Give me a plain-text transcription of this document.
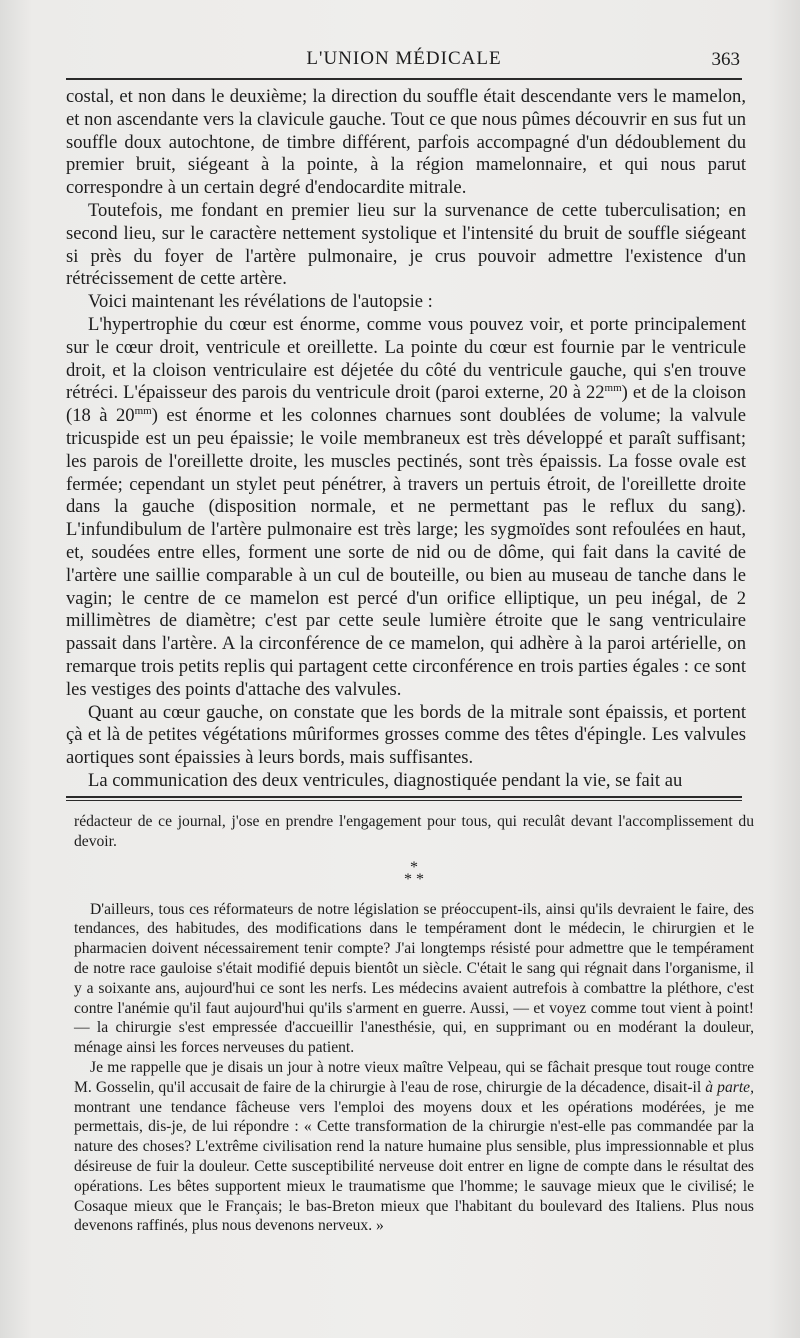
L'UNION MÉDICALE	363

costal, et non dans le deuxième; la direction du souffle était descendante vers le mamelon, et non ascendante vers la clavicule gauche. Tout ce que nous pûmes découvrir en sus fut un souffle doux autochtone, de timbre différent, parfois accompagné d'un dédoublement du premier bruit, siégeant à la pointe, à la région mamelonnaire, et qui nous parut correspondre à un certain degré d'endocardite mitrale.

Toutefois, me fondant en premier lieu sur la survenance de cette tuberculisation; en second lieu, sur le caractère nettement systolique et l'intensité du bruit de souffle siégeant si près du foyer de l'artère pulmonaire, je crus pouvoir admettre l'existence d'un rétrécissement de cette artère.

Voici maintenant les révélations de l'autopsie :

L'hypertrophie du cœur est énorme, comme vous pouvez voir, et porte principalement sur le cœur droit, ventricule et oreillette. La pointe du cœur est fournie par le ventricule droit, et la cloison ventriculaire est déjetée du côté du ventricule gauche, qui s'en trouve rétréci. L'épaisseur des parois du ventricule droit (paroi externe, 20 à $22^{mm}$) et de la cloison (18 à $20^{mm}$) est énorme et les colonnes charnues sont doublées de volume; la valvule tricuspide est un peu épaissie; le voile membraneux est très développé et paraît suffisant; les parois de l'oreillette droite, les muscles pectinés, sont très épaissis. La fosse ovale est fermée; cependant un stylet peut pénétrer, à travers un pertuis étroit, de l'oreillette droite dans la gauche (disposition normale, et ne permettant pas le reflux du sang). L'infundibulum de l'artère pulmonaire est très large; les sygmoïdes sont refoulées en haut, et, soudées entre elles, forment une sorte de nid ou de dôme, qui fait dans la cavité de l'artère une saillie comparable à un cul de bouteille, ou bien au museau de tanche dans le vagin; le centre de ce mamelon est percé d'un orifice elliptique, un peu inégal, de 2 millimètres de diamètre; c'est par cette seule lumière étroite que le sang ventriculaire passait dans l'artère. A la circonférence de ce mamelon, qui adhère à la paroi artérielle, on remarque trois petits replis qui partagent cette circonférence en trois parties égales : ce sont les vestiges des points d'attache des valvules.

Quant au cœur gauche, on constate que les bords de la mitrale sont épaissis, et portent çà et là de petites végétations mûriformes grosses comme des têtes d'épingle. Les valvules aortiques sont épaissies à leurs bords, mais suffisantes.

La communication des deux ventricules, diagnostiquée pendant la vie, se fait au

rédacteur de ce journal, j'ose en prendre l'engagement pour tous, qui reculât devant l'accomplissement du devoir.

*
* *

D'ailleurs, tous ces réformateurs de notre législation se préoccupent-ils, ainsi qu'ils devraient le faire, des tendances, des habitudes, des modifications dans le tempérament dont le médecin, le chirurgien et le pharmacien doivent nécessairement tenir compte? J'ai longtemps résisté pour admettre que le tempérament de notre race gauloise s'était modifié depuis bientôt un siècle. C'était le sang qui régnait dans l'organisme, il y a soixante ans, aujourd'hui ce sont les nerfs. Les médecins avaient autrefois à combattre la pléthore, c'est contre l'anémie qu'il faut aujourd'hui qu'ils s'arment en guerre. Aussi, — et voyez comme tout vient à point! — la chirurgie s'est empressée d'accueillir l'anesthésie, qui, en supprimant ou en modérant la douleur, ménage ainsi les forces nerveuses du patient.

Je me rappelle que je disais un jour à notre vieux maître Velpeau, qui se fâchait presque tout rouge contre M. Gosselin, qu'il accusait de faire de la chirurgie à l'eau de rose, chirurgie de la décadence, disait-il à parte, montrant une tendance fâcheuse vers l'emploi des moyens doux et les opérations modérées, je me permettais, dis-je, de lui répondre : « Cette transformation de la chirurgie n'est-elle pas commandée par la nature des choses? L'extrême civilisation rend la nature humaine plus sensible, plus impressionnable et plus désireuse de fuir la douleur. Cette susceptibilité nerveuse doit entrer en ligne de compte dans le résultat des opérations. Les bêtes supportent mieux le traumatisme que l'homme; le sauvage mieux que le civilisé; le Cosaque mieux que le Français; le bas-Breton mieux que l'habitant du boulevard des Italiens. Plus nous devenons raffinés, plus nous devenons nerveux. »
